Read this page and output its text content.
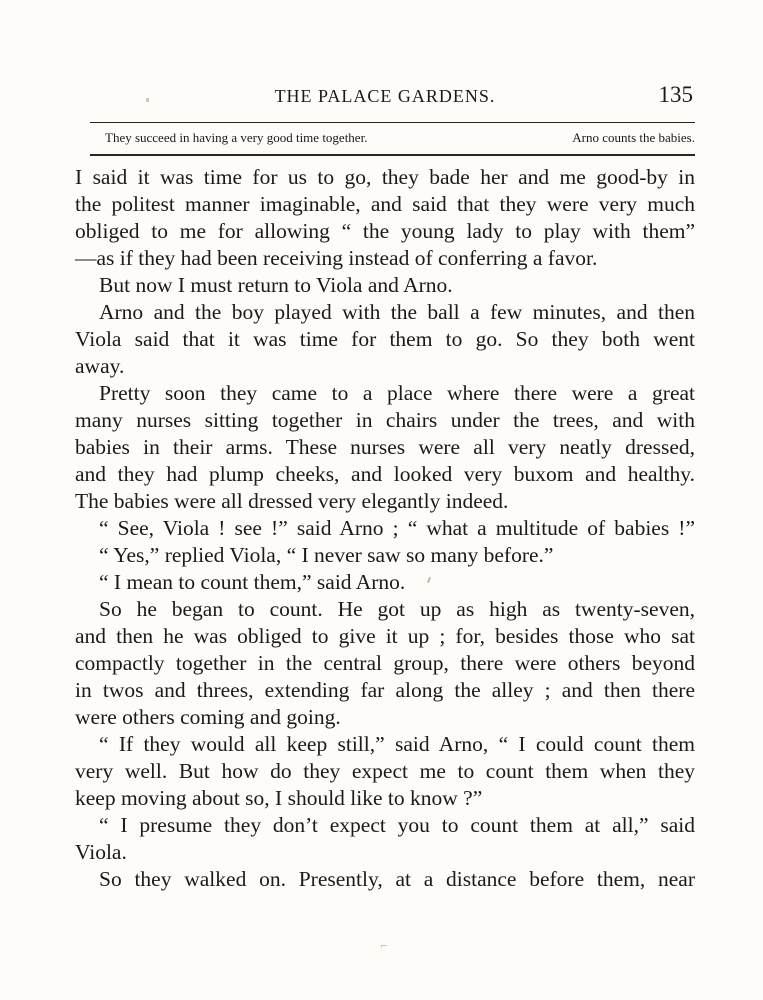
THE PALACE GARDENS.	135
They succeed in having a very good time together.	Arno counts the babies.
⌐
I said it was time for us to go, they bade her and me good-by in
the politest manner imaginable, and said that they were very much
obliged to me for allowing “ the young lady to play with them”
—as if they had been receiving instead of conferring a favor.
But now I must return to Viola and Arno.
Arno and the boy played with the ball a few minutes, and then
Viola said that it was time for them to go. So they both went
away.
Pretty soon they came to a place where there were a great
many nurses sitting together in chairs under the trees, and with
babies in their arms. These nurses were all very neatly dressed,
and they had plump cheeks, and looked very buxom and healthy.
The babies were all dressed very elegantly indeed.
“ See, Viola ! see !” said Arno ; “ what a multitude of babies !”
“ Yes,” replied Viola, “ I never saw so many before.”
“ I mean to count them,” said Arno.
So he began to count. He got up as high as twenty-seven,
and then he was obliged to give it up ; for, besides those who sat
compactly together in the central group, there were others beyond
in twos and threes, extending far along the alley ; and then there
were others coming and going.
“ If they would all keep still,” said Arno, “ I could count them
very well. But how do they expect me to count them when they
keep moving about so, I should like to know ?”
“ I presume they don’t expect you to count them at all,” said
Viola.
So they walked on. Presently, at a distance before them, near
